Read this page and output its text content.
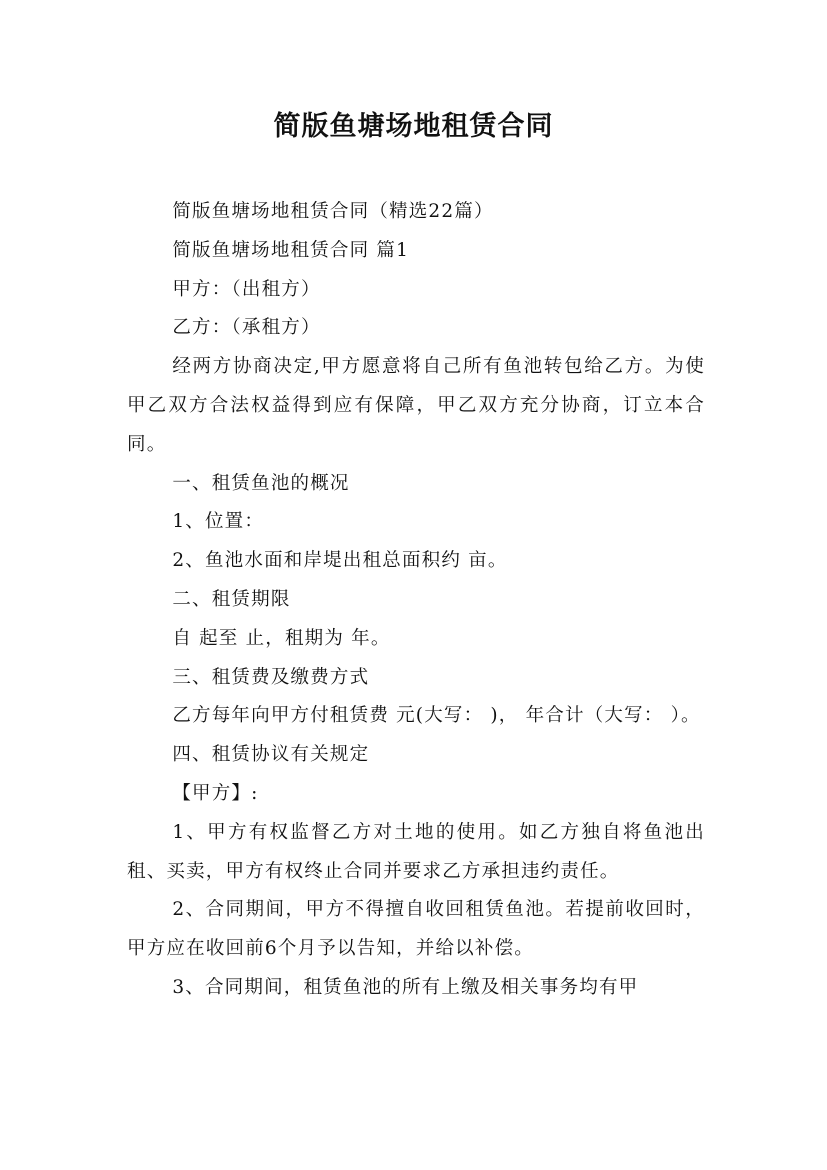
简版鱼塘场地租赁合同

简版鱼塘场地租赁合同（精选22篇）

简版鱼塘场地租赁合同 篇1

甲方：（出租方）

乙方：（承租方）

经两方协商决定,甲方愿意将自己所有鱼池转包给乙方。为使甲乙双方合法权益得到应有保障，甲乙双方充分协商，订立本合同。

一、租赁鱼池的概况

1、位置：

2、鱼池水面和岸堤出租总面积约 亩。

二、租赁期限

自 起至 止，租期为 年。

三、租赁费及缴费方式

乙方每年向甲方付租赁费 元(大写： )， 年合计（大写： ）。

四、租赁协议有关规定

【甲方】:

1、甲方有权监督乙方对土地的使用。如乙方独自将鱼池出租、买卖，甲方有权终止合同并要求乙方承担违约责任。

2、合同期间，甲方不得擅自收回租赁鱼池。若提前收回时，甲方应在收回前6个月予以告知，并给以补偿。

3、合同期间，租赁鱼池的所有上缴及相关事务均有甲
